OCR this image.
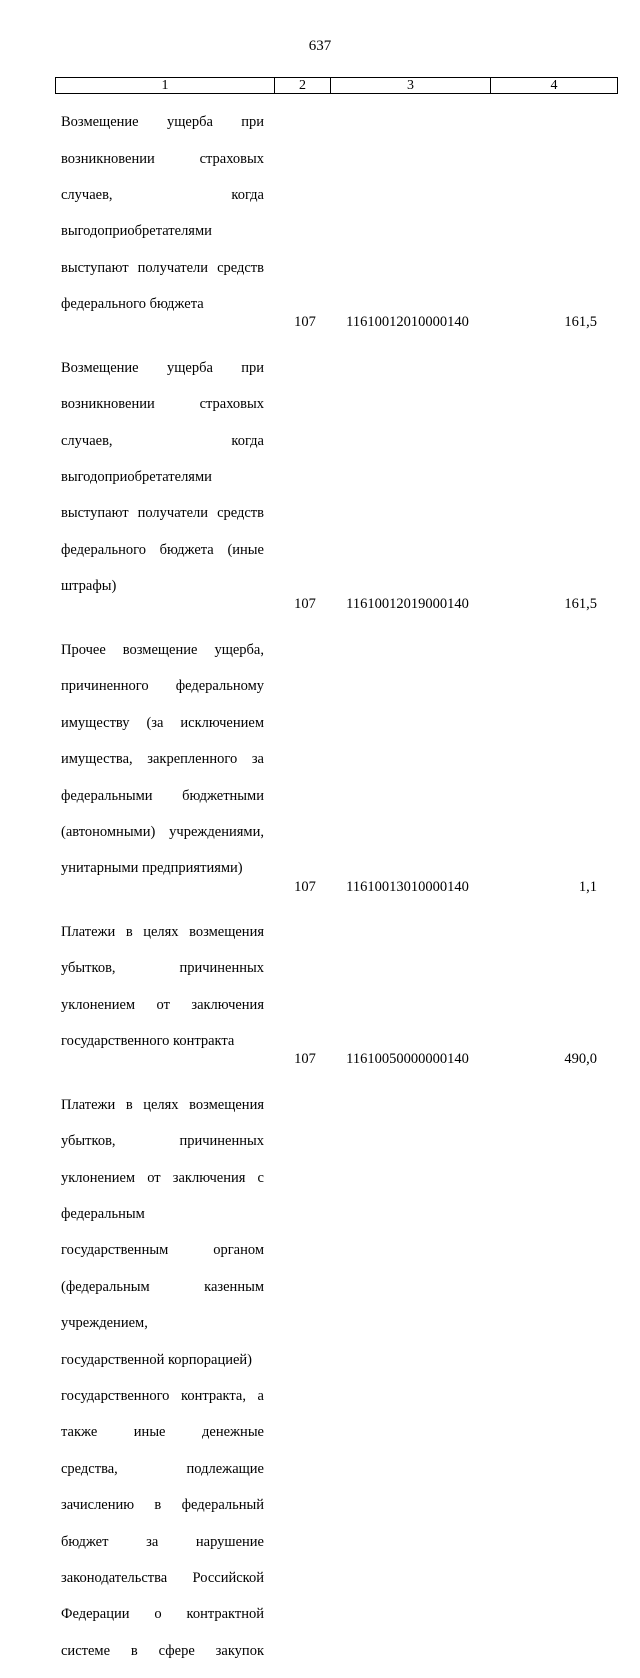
637
1	2	3	4

Возмещение ущерба при

возникновении страховых

случаев, когда

выгодоприобретателями

выступают получатели средств

федерального бюджета

107	11610012010000140	161,5

Возмещение ущерба при

возникновении страховых

случаев, когда

выгодоприобретателями

выступают получатели средств

федерального бюджета (иные

штрафы)

107	11610012019000140	161,5

Прочее возмещение ущерба,

причиненного федеральному

имуществу (за исключением

имущества, закрепленного за

федеральными бюджетными

(автономными) учреждениями,

унитарными предприятиями)

107	11610013010000140	1,1

Платежи в целях возмещения

убытков, причиненных

уклонением от заключения

государственного контракта

107	11610050000000140	490,0

Платежи в целях возмещения

убытков, причиненных

уклонением от заключения с

федеральным

государственным органом

(федеральным казенным

учреждением,

государственной корпорацией)

государственного контракта, а

также иные денежные

средства, подлежащие

зачислению в федеральный

бюджет за нарушение

законодательства Российской

Федерации о контрактной

системе в сфере закупок
